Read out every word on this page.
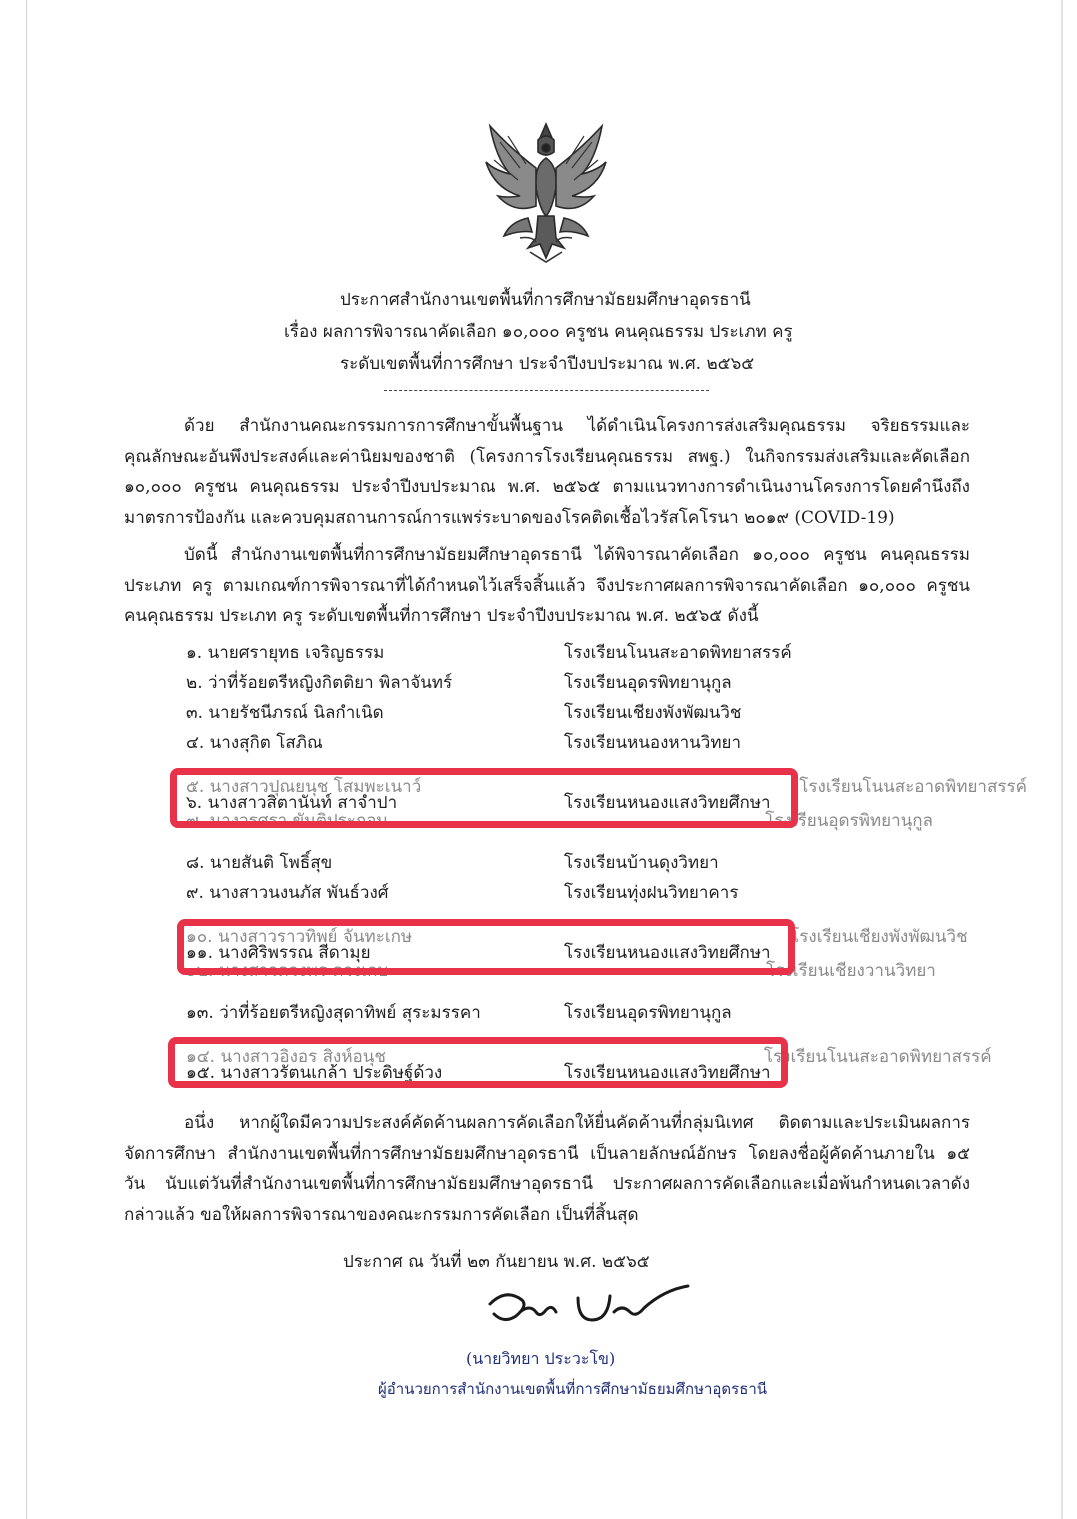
ประกาศสำนักงานเขตพื้นที่การศึกษามัธยมศึกษาอุดรธานี
เรื่อง ผลการพิจารณาคัดเลือก ๑๐,๐๐๐ ครูชน คนคุณธรรม ประเภท ครู
ระดับเขตพื้นที่การศึกษา ประจำปีงบประมาณ พ.ศ. ๒๕๖๕
ด้วย สำนักงานคณะกรรมการการศึกษาขั้นพื้นฐาน ได้ดำเนินโครงการส่งเสริมคุณธรรม จริยธรรมและคุณลักษณะอันพึงประสงค์และค่านิยมของชาติ (โครงการโรงเรียนคุณธรรม สพฐ.) ในกิจกรรมส่งเสริมและคัดเลือก ๑๐,๐๐๐ ครูชน คนคุณธรรม ประจำปีงบประมาณ พ.ศ. ๒๕๖๕ ตามแนวทางการดำเนินงานโครงการโดยคำนึงถึงมาตรการป้องกัน และควบคุมสถานการณ์การแพร่ระบาดของโรคติดเชื้อไวรัสโคโรนา ๒๐๑๙ (COVID-19)
บัดนี้ สำนักงานเขตพื้นที่การศึกษามัธยมศึกษาอุดรธานี ได้พิจารณาคัดเลือก ๑๐,๐๐๐ ครูชน คนคุณธรรม ประเภท ครู ตามเกณฑ์การพิจารณาที่ได้กำหนดไว้เสร็จสิ้นแล้ว จึงประกาศผลการพิจารณาคัดเลือก ๑๐,๐๐๐ ครูชน คนคุณธรรม ประเภท ครู ระดับเขตพื้นที่การศึกษา ประจำปีงบประมาณ พ.ศ. ๒๕๖๕ ดังนี้
๑. นายศรายุทธ เจริญธรรม	โรงเรียนโนนสะอาดพิทยาสรรค์
๒. ว่าที่ร้อยตรีหญิงกิตติยา พิลาจันทร์	โรงเรียนอุดรพิทยานุกูล
๓. นายรัชนีภรณ์ นิลกำเนิด	โรงเรียนเชียงพังพัฒนวิช
๔. นางสุกิต โสภิณ	โรงเรียนหนองหานวิทยา
๕. นางสาวปุณยนุช โสมพะเนาว์	โรงเรียนโนนสะอาดพิทยาสรรค์
๖. นางสาวสิตานันท์ สาจำปา	โรงเรียนหนองแสงวิทยศึกษา
๗. นางวรศรา ขันติประกอบ	โรงเรียนอุดรพิทยานุกูล
๘. นายสันติ โพธิ์สุข	โรงเรียนบ้านดุงวิทยา
๙. นางสาวนงนภัส พันธ์วงศ์	โรงเรียนทุ่งฝนวิทยาคาร
๑๐. นางสาวราวทิพย์ จันทะเกษ	โรงเรียนเชียงพังพัฒนวิช
๑๑. นางศิริพรรณ สีดามุย	โรงเรียนหนองแสงวิทยศึกษา
๑๒. นางสาวดวงพร ดวงเกบ	โรงเรียนเชียงวานวิทยา
๑๓. ว่าที่ร้อยตรีหญิงสุดาทิพย์ สุระมรรคา	โรงเรียนอุดรพิทยานุกูล
๑๔. นางสาวอิงอร สิงห์อนุช	โรงเรียนโนนสะอาดพิทยาสรรค์
๑๕. นางสาวรัตนเกล้า ประดิษฐ์ด้วง	โรงเรียนหนองแสงวิทยศึกษา
อนึ่ง หากผู้ใดมีความประสงค์คัดค้านผลการคัดเลือกให้ยื่นคัดค้านที่กลุ่มนิเทศ ติดตามและประเมินผลการจัดการศึกษา สำนักงานเขตพื้นที่การศึกษามัธยมศึกษาอุดรธานี เป็นลายลักษณ์อักษร โดยลงชื่อผู้คัดค้านภายใน ๑๕ วัน นับแต่วันที่สำนักงานเขตพื้นที่การศึกษามัธยมศึกษาอุดรธานี ประกาศผลการคัดเลือกและเมื่อพ้นกำหนดเวลาดังกล่าวแล้ว ขอให้ผลการพิจารณาของคณะกรรมการคัดเลือก เป็นที่สิ้นสุด
ประกาศ ณ วันที่ ๒๓ กันยายน พ.ศ. ๒๕๖๕
(นายวิทยา ประวะโข)
ผู้อำนวยการสำนักงานเขตพื้นที่การศึกษามัธยมศึกษาอุดรธานี
